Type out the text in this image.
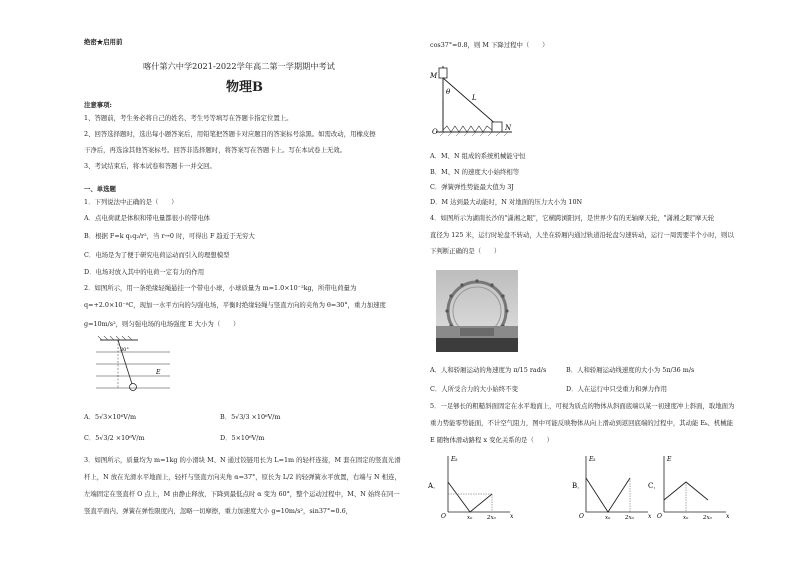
绝密★启用前
喀什第六中学2021-2022学年高二第一学期期中考试
物理B
注意事项:
1、答题前，考生务必将自己的姓名、考生号等填写在答题卡指定位置上。
2、回答选择题时，选出每小题答案后，用铅笔把答题卡对应题目的答案标号涂黑。如需改动，用橡皮擦
干净后，再选涂其他答案标号。回答非选择题时，将答案写在答题卡上。写在本试卷上无效。
3、考试结束后，将本试卷和答题卡一并交回。
一、单选题
1．下列说法中正确的是（　　）
A．点电荷就是体积和带电量都很小的带电体
B．根据 F=k q₁q₂/r²，当 r→0 时，可得出 F 趋近于无穷大
C．电场是为了便于研究电荷运动而引入的理想模型
D．电场对放入其中的电荷一定有力的作用
2．如图所示，用一条绝缘轻绳悬挂一个带电小球，小球质量为 m=1.0×10⁻²kg，所带电荷量为
q=+2.0×10⁻⁸C，现加一水平方向的匀强电场，平衡时绝缘轻绳与竖直方向的夹角为 θ=30°，重力加速度
g=10m/s²，则匀强电场的电场强度 E 大小为（　　）
30°
E
A．5√3×10⁶V/m	B．5√3/3 ×10⁶V/m
C．5√3/2 ×10⁶V/m	D．5×10⁶V/m
3．如图所示，质量均为 m=1kg 的小滑块 M、N 通过铰链用长为 L=1m 的轻杆连接，M 套在固定的竖直光滑
杆上，N 放在光滑水平地面上，轻杆与竖直方向夹角 α=37°，原长为 L/2 的轻弹簧水平放置，右端与 N 相连，
左端固定在竖直杆 O 点上，M 由静止释放，下降到最低点时 α 变为 60°，整个运动过程中，M、N 始终在同一
竖直平面内，弹簧在弹性限度内，忽略一切摩擦，重力加速度大小 g=10m/s²，sin37°=0.6，
cos37°=0.8，则 M 下降过程中（　　）
M
θ
L
O	N
A．M、N 组成的系统机械能守恒
B．M、N 的速度大小始终相等
C．弹簧弹性势能最大值为 3J
D．M 达到最大动能时，N 对地面的压力大小为 10N
4．如图所示为湖南长沙的"潇湘之眼"，它横跨浏阳河，是世界少有的无轴摩天轮，"潇湘之眼"摩天轮
直径为 125 米，运行时轮盘不转动，人坐在轿厢内通过轨道沿轮盘匀速转动，运行一周需要半个小时，则以
下判断正确的是（　　）
A．人和轿厢运动的角速度为 π/15 rad/s	B．人和轿厢运动线速度的大小为 5π/36 m/s
C．人所受合力的大小始终不变	D．人在运行中只受重力和弹力作用
5．一足够长的粗糙斜面固定在水平地面上，可视为质点的物体从斜面底端以某一初速度冲上斜面，取地面为
重力势能零势能面，不计空气阻力，图中可能反映物体从向上滑动到返回底端的过程中，其动能 Eₖ、机械能
E 随物体滑动路程 x 变化关系的是（　　）
A．
Eₖ
x
O	x₀	2x₀
B．
Eₖ
x
O	x₀	2x₀
C．
E
x
O	x₀	2x₀
